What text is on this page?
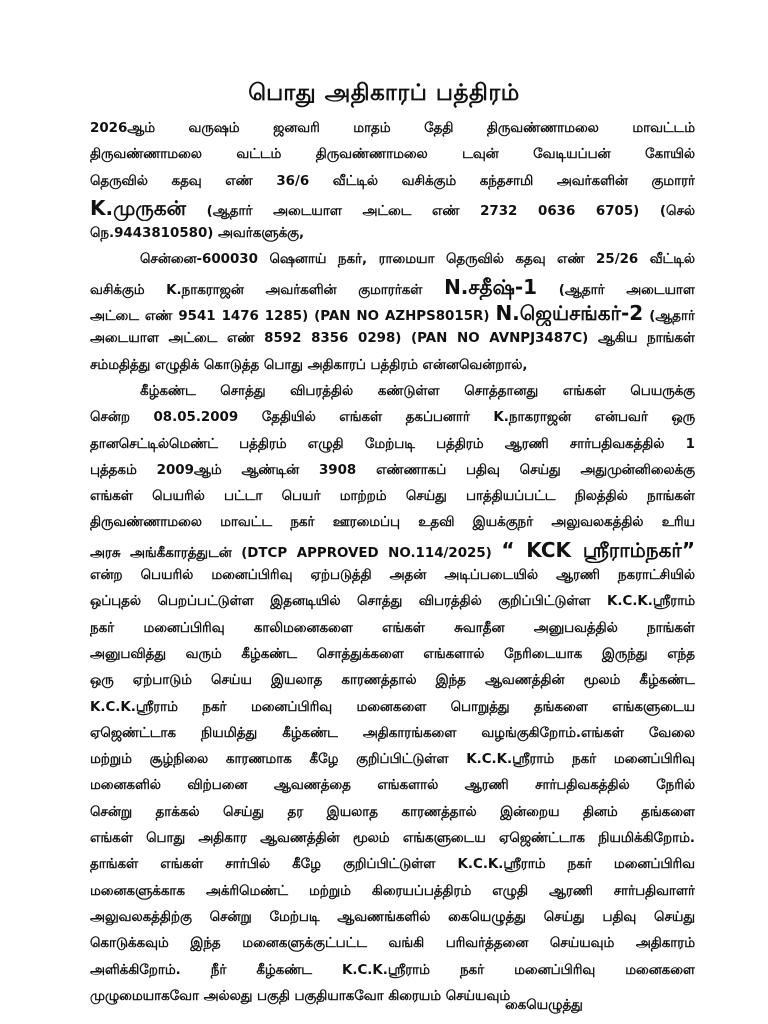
பொது அதிகாரப் பத்திரம்
2026ஆம் வருஷம் ஜனவரி மாதம் தேதி திருவண்ணாமலை மாவட்டம்
திருவண்ணாமலை வட்டம் திருவண்ணாமலை டவுன் வேடியப்பன் கோயில்
தெருவில் கதவு எண் 36/6 வீட்டில் வசிக்கும் கந்தசாமி அவர்களின் குமாரர்
K.முருகன் (ஆதார் அடையாள அட்டை எண் 2732 0636 6705) (செல்
நெ.9443810580) அவர்களுக்கு,
சென்னை-600030 ஷெனாய் நகர், ராமையா தெருவில் கதவு எண் 25/26 வீட்டில்
வசிக்கும் K.நாகராஜன் அவர்களின் குமாரர்கள் N.சதீஷ்-1 (ஆதார் அடையாள
அட்டை எண் 9541 1476 1285) (PAN NO AZHPS8015R) N.ஜெய்சங்கர்-2 (ஆதார்
அடையாள அட்டை எண் 8592 8356 0298) (PAN NO AVNPJ3487C) ஆகிய நாங்கள்
சம்மதித்து எழுதிக் கொடுத்த பொது அதிகாரப் பத்திரம் என்னவென்றால்,
கீழ்கண்ட சொத்து விபரத்தில் கண்டுள்ள சொத்தானது எங்கள் பெயருக்கு
சென்ற 08.05.2009 தேதியில் எங்கள் தகப்பனார் K.நாகராஜன் என்பவர் ஒரு
தானசெட்டில்மெண்ட் பத்திரம் எழுதி மேற்படி பத்திரம் ஆரணி சார்பதிவகத்தில் 1
புத்தகம் 2009ஆம் ஆண்டின் 3908 எண்ணாகப் பதிவு செய்து அதுமுன்னிலைக்கு
எங்கள் பெயரில் பட்டா பெயர் மாற்றம் செய்து பாத்தியப்பட்ட நிலத்தில் நாங்கள்
திருவண்ணாமலை மாவட்ட நகர் ஊரமைப்பு உதவி இயக்குநர் அலுவலகத்தில் உரிய
அரசு அங்கீகாரத்துடன் (DTCP APPROVED NO.114/2025) “ KCK ஸ்ரீராம்நகர்”
என்ற பெயரில் மனைப்பிரிவு ஏற்படுத்தி அதன் அடிப்படையில் ஆரணி நகராட்சியில்
ஒப்புதல் பெறப்பட்டுள்ள இதனடியில் சொத்து விபரத்தில் குறிப்பிட்டுள்ள K.C.K.ஸ்ரீராம்
நகர் மனைப்பிரிவு காலிமனைகளை எங்கள் சுவாதீன அனுபவத்தில் நாங்கள்
அனுபவித்து வரும் கீழ்கண்ட சொத்துக்களை எங்களால் நேரிடையாக இருந்து எந்த
ஒரு ஏற்பாடும் செய்ய இயலாத காரணத்தால் இந்த ஆவணத்தின் மூலம் கீழ்கண்ட
K.C.K.ஸ்ரீராம் நகர் மனைப்பிரிவு மனைகளை பொறுத்து தங்களை எங்களுடைய
ஏஜெண்ட்டாக நியமித்து கீழ்கண்ட அதிகாரங்களை வழங்குகிறோம்.எங்கள் வேலை
மற்றும் சூழ்நிலை காரணமாக கீழே குறிப்பிட்டுள்ள K.C.K.ஸ்ரீராம் நகர் மனைப்பிரிவு
மனைகளில் விற்பனை ஆவணத்தை எங்களால் ஆரணி சார்பதிவகத்தில் நேரில்
சென்று தாக்கல் செய்து தர இயலாத காரணத்தால் இன்றைய தினம் தங்களை
எங்கள் பொது அதிகார ஆவணத்தின் மூலம் எங்களுடைய ஏஜெண்ட்டாக நியமிக்கிறோம்.
தாங்கள் எங்கள் சார்பில் கீழே குறிப்பிட்டுள்ள K.C.K.ஸ்ரீராம் நகர் மனைப்பிரிவ
மனைகளுக்காக அக்ரிமெண்ட் மற்றும் கிரையப்பத்திரம் எழுதி ஆரணி சார்பதிவாளர்
அலுவலகத்திற்கு சென்று மேற்படி ஆவணங்களில் கையெழுத்து செய்து பதிவு செய்து
கொடுக்கவும் இந்த மனைகளுக்குட்பட்ட வங்கி பரிவர்த்தனை செய்யவும் அதிகாரம்
அளிக்கிறோம். நீர் கீழ்கண்ட K.C.K.ஸ்ரீராம் நகர் மனைப்பிரிவு மனைகளை
முழுமையாகவோ அல்லது பகுதி பகுதியாகவோ கிரையம் செய்யவும்
கையெழுத்து
